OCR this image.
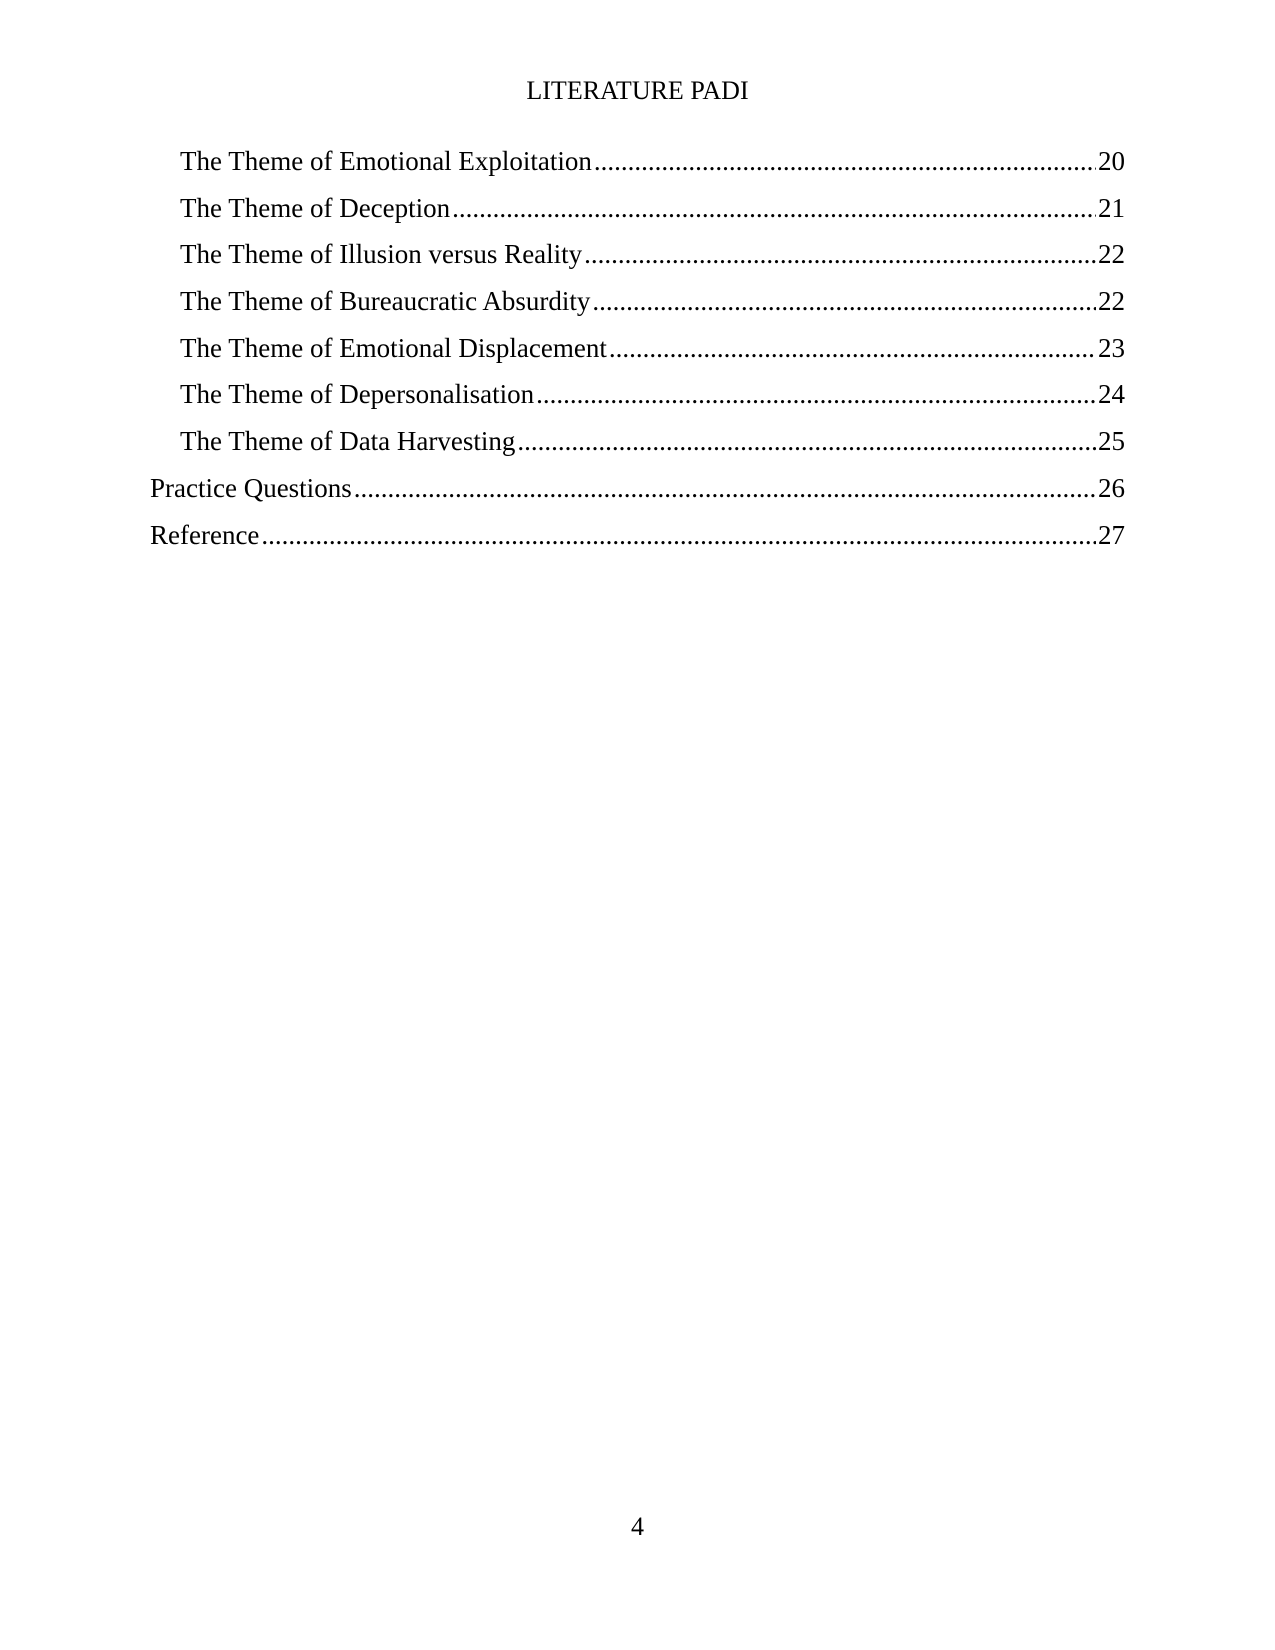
LITERATURE PADI
The Theme of Emotional Exploitation .....	20
The Theme of Deception .....	21
The Theme of Illusion versus Reality .....	22
The Theme of Bureaucratic Absurdity .....	22
The Theme of Emotional Displacement .....	23
The Theme of Depersonalisation .....	24
The Theme of Data Harvesting .....	25
Practice Questions .....	26
Reference .....	27
4
